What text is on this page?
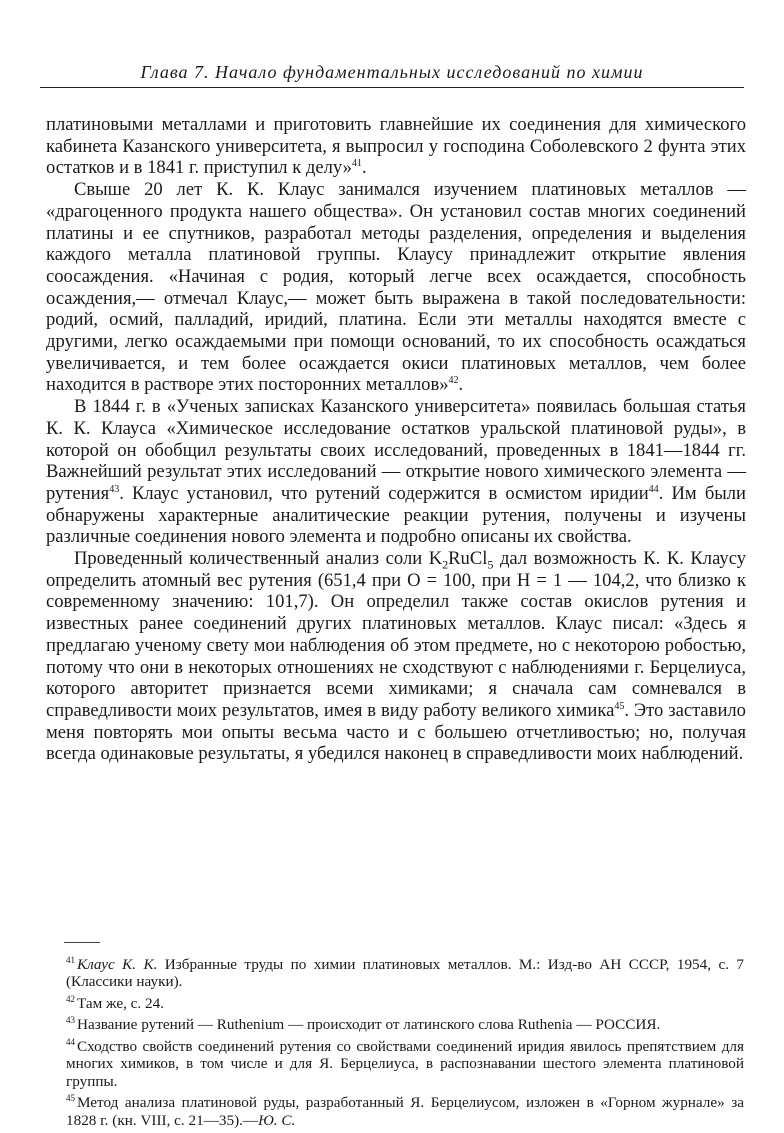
Глава 7. Начало фундаментальных исследований по химии

платиновыми металлами и приготовить главнейшие их соединения для химического кабинета Казанского университета, я выпросил у господина Соболевского 2 фунта этих остатков и в 1841 г. приступил к делу»$^{41}$.

Свыше 20 лет К. К. Клаус занимался изучением платиновых металлов — «драгоценного продукта нашего общества». Он установил состав многих соединений платины и ее спутников, разработал методы разделения, определения и выделения каждого металла платиновой группы. Клаусу принадлежит открытие явления соосаждения. «Начиная с родия, который легче всех осаждается, способность осаждения,— отмечал Клаус,— может быть выражена в такой последовательности: родий, осмий, палладий, иридий, платина. Если эти металлы находятся вместе с другими, легко осаждаемыми при помощи оснований, то их способность осаждаться увеличивается, и тем более осаждается окиси платиновых металлов, чем более находится в растворе этих посторонних металлов»$^{42}$.

В 1844 г. в «Ученых записках Казанского университета» появилась большая статья К. К. Клауса «Химическое исследование остатков уральской платиновой руды», в которой он обобщил результаты своих исследований, проведенных в 1841—1844 гг. Важнейший результат этих исследований — открытие нового химического элемента — рутения$^{43}$. Клаус установил, что рутений содержится в осмистом иридии$^{44}$. Им были обнаружены характерные аналитические реакции рутения, получены и изучены различные соединения нового элемента и подробно описаны их свойства.

Проведенный количественный анализ соли $K_2RuCl_5$ дал возможность К. К. Клаусу определить атомный вес рутения (651,4 при O = 100, при H = 1 — 104,2, что близко к современному значению: 101,7). Он определил также состав окислов рутения и известных ранее соединений других платиновых металлов. Клаус писал: «Здесь я предлагаю ученому свету мои наблюдения об этом предмете, но с некоторою робостью, потому что они в некоторых отношениях не сходствуют с наблюдениями г. Берцелиуса, которого авторитет признается всеми химиками; я сначала сам сомневался в справедливости моих результатов, имея в виду работу великого химика$^{45}$. Это заставило меня повторять мои опыты весьма часто и с большею отчетливостью; но, получая всегда одинаковые результаты, я убедился наконец в справедливости моих наблюдений.

$^{41}$ Клаус К. К. Избранные труды по химии платиновых металлов. М.: Изд-во АН СССР, 1954, с. 7 (Классики науки).

$^{42}$ Там же, с. 24.

$^{43}$ Название рутений — Ruthenium — происходит от латинского слова Ruthenia — РОССИЯ.

$^{44}$ Сходство свойств соединений рутения со свойствами соединений иридия явилось препятствием для многих химиков, в том числе и для Я. Берцелиуса, в распознавании шестого элемента платиновой группы.

$^{45}$ Метод анализа платиновой руды, разработанный Я. Берцелиусом, изложен в «Горном журнале» за 1828 г. (кн. VIII, с. 21—35).—Ю. С.
